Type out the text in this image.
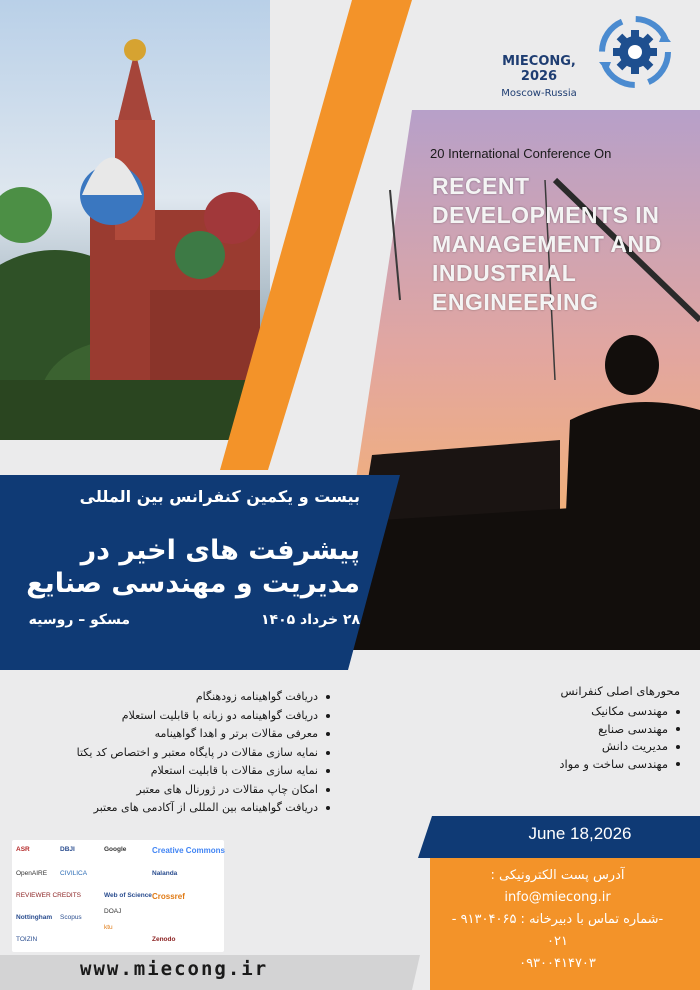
MIECONG, 2026
Moscow-Russia
20 International Conference On
RECENT
DEVELOPMENTS IN
MANAGEMENT AND
INDUSTRIAL
ENGINEERING
بیست و یکمین کنفرانس بین المللی
پیشرفت های اخیر در
مدیریت و مهندسی صنایع
۲۸ خرداد ۱۴۰۵
مسکو – روسیه
دریافت گواهینامه زودهنگام
دریافت گواهینامه دو زبانه با قابلیت استعلام
معرفی مقالات برتر و اهدا گواهینامه
نمایه سازی مقالات در پایگاه معتبر و اختصاص کد یکتا
نمایه سازی مقالات با قابلیت استعلام
امکان چاپ مقالات در ژورنال های معتبر
دریافت گواهینامه بین المللی از آکادمی های معتبر
محورهای اصلی کنفرانس
مهندسی مکانیک
مهندسی صنایع
مدیریت دانش
مهندسی ساخت و مواد
June 18,2026
آدرس پست الکترونیکی :
info@miecong.ir
-شماره تماس با دبیرخانه : ۹۱۳۰۴۰۶۵ -
۰۲۱
۰۹۳۰۰۴۱۴۷۰۳
ASR	DBJI	Google	Creative Commons
OpenAIRE CIVILICA	Nalanda
REVIEWER CREDITS	Web of Science
DOAJ
Crossref
Scopus
ktu
Nottingham
TOIZIN	Zenodo
www.miecong.ir
